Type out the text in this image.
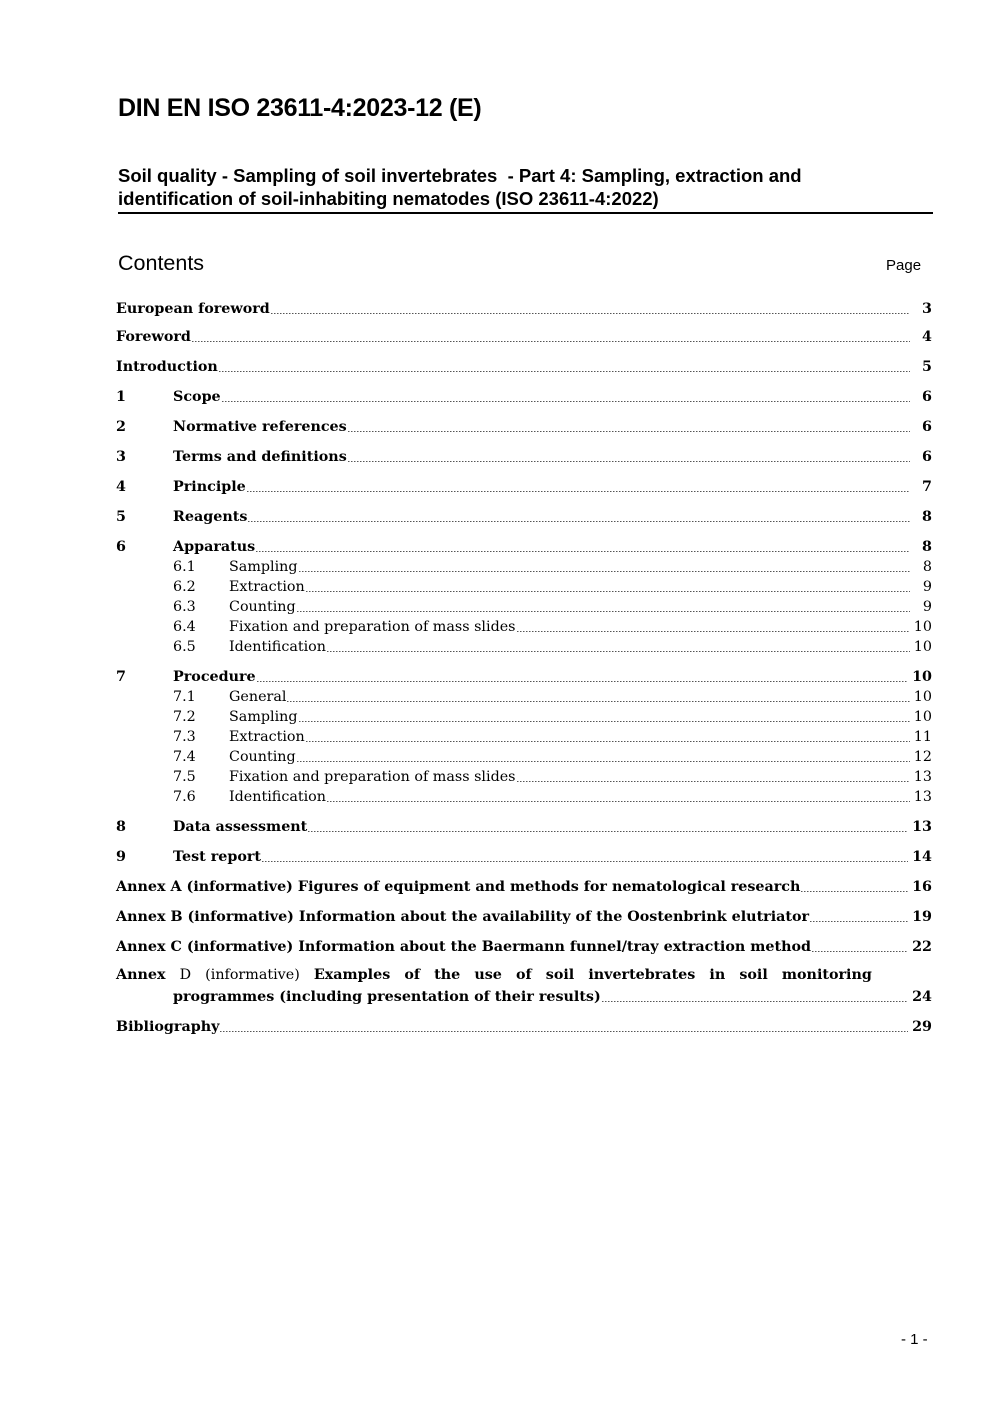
DIN EN ISO 23611-4:2023-12 (E)
Soil quality - Sampling of soil invertebrates  - Part 4: Sampling, extraction and
identification of soil-inhabiting nematodes (ISO 23611-4:2022)
Contents	Page
European foreword	3
Foreword	4
Introduction	5
1	Scope	6
2	Normative references	6
3	Terms and definitions	6
4	Principle	7
5	Reagents	8
6	Apparatus	8
6.1	Sampling	8
6.2	Extraction	9
6.3	Counting	9
6.4	Fixation and preparation of mass slides	10
6.5	Identification	10
7	Procedure	10
7.1	General	10
7.2	Sampling	10
7.3	Extraction	11
7.4	Counting	12
7.5	Fixation and preparation of mass slides	13
7.6	Identification	13
8	Data assessment	13
9	Test report	14
Annex A (informative) Figures of equipment and methods for nematological research	16
Annex B (informative) Information about the availability of the Oostenbrink elutriator	19
Annex C (informative) Information about the Baermann funnel/tray extraction method	22
Annex D (informative) Examples of the use of soil invertebrates in soil monitoring
programmes (including presentation of their results)	24
Bibliography	29
- 1 -
